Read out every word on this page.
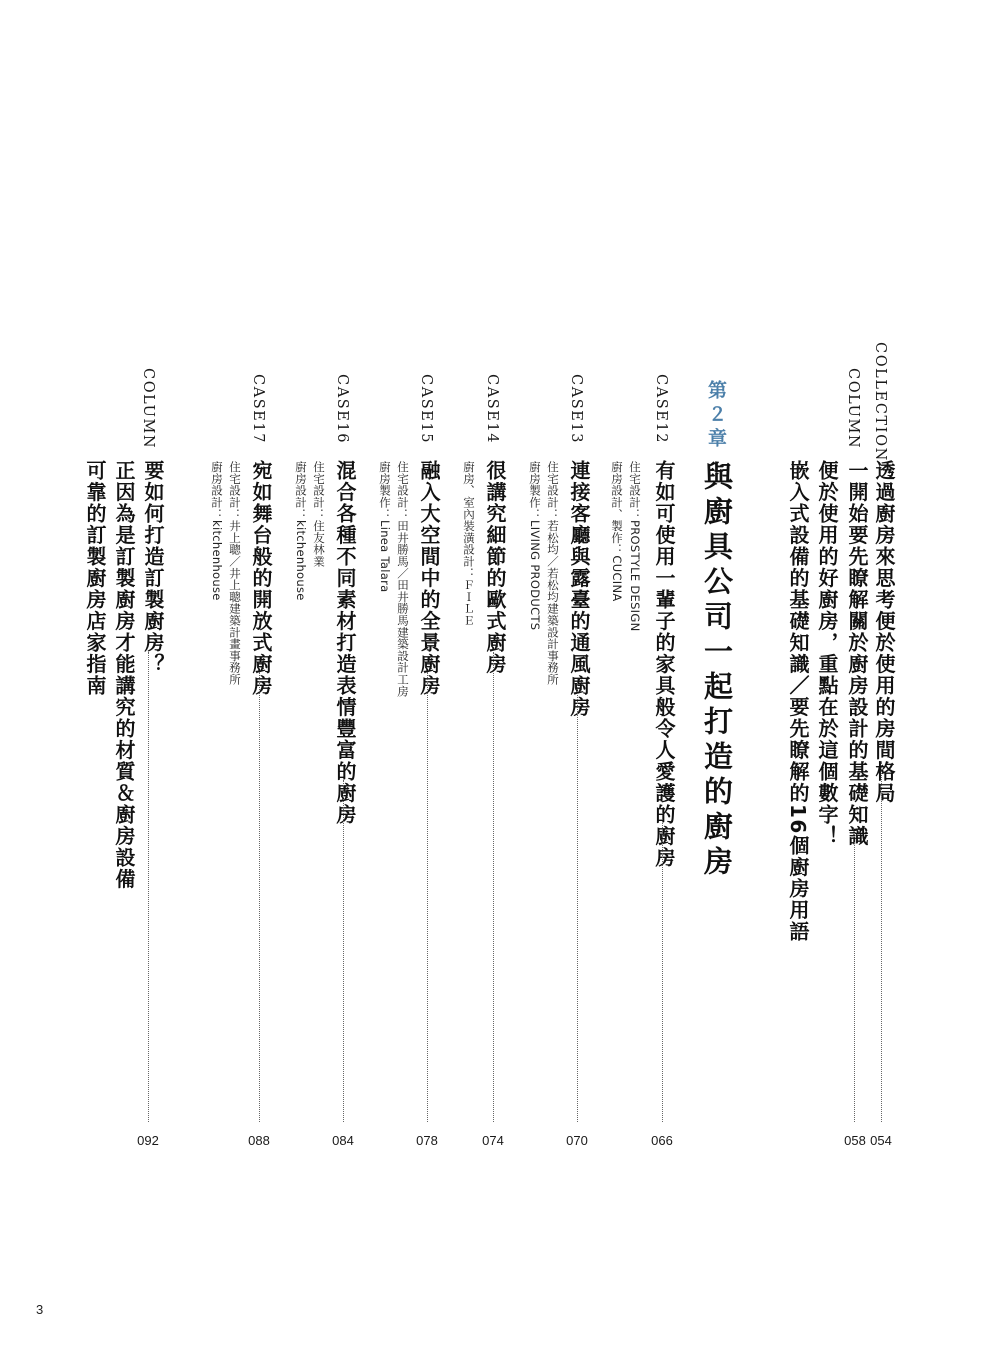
COLLECTION
透過廚房來思考便於使用的房間格局
054
COLUMN
一開始要先瞭解關於廚房設計的基礎知識
便於使用的好廚房，重點在於這個數字！
嵌入式設備的基礎知識／要先瞭解的16個廚房用語
058
第２章
與廚具公司一起打造的廚房
CASE12
有如可使用一輩子的家具般令人愛護的廚房
住宅設計：PROSTYLE DESIGN
廚房設計、製作：CUCINA
066
CASE13
連接客廳與露臺的通風廚房
住宅設計：若松均／若松均建築設計事務所
廚房製作：LIVING PRODUCTS
070
CASE14
很講究細節的歐式廚房
廚房、室內裝潢設計：ＦＩＬＥ
074
CASE15
融入大空間中的全景廚房
住宅設計：田井勝馬／田井勝馬建築設計工房
廚房製作：Linea Talara
078
CASE16
混合各種不同素材打造表情豐富的廚房
住宅設計：住友林業
廚房設計：kitchenhouse
084
CASE17
宛如舞台般的開放式廚房
住宅設計：井上聰／井上聰建築計畫事務所
廚房設計：kitchenhouse
088
COLUMN
要如何打造訂製廚房？
正因為是訂製廚房才能講究的材質＆廚房設備
可靠的訂製廚房店家指南
092
3
